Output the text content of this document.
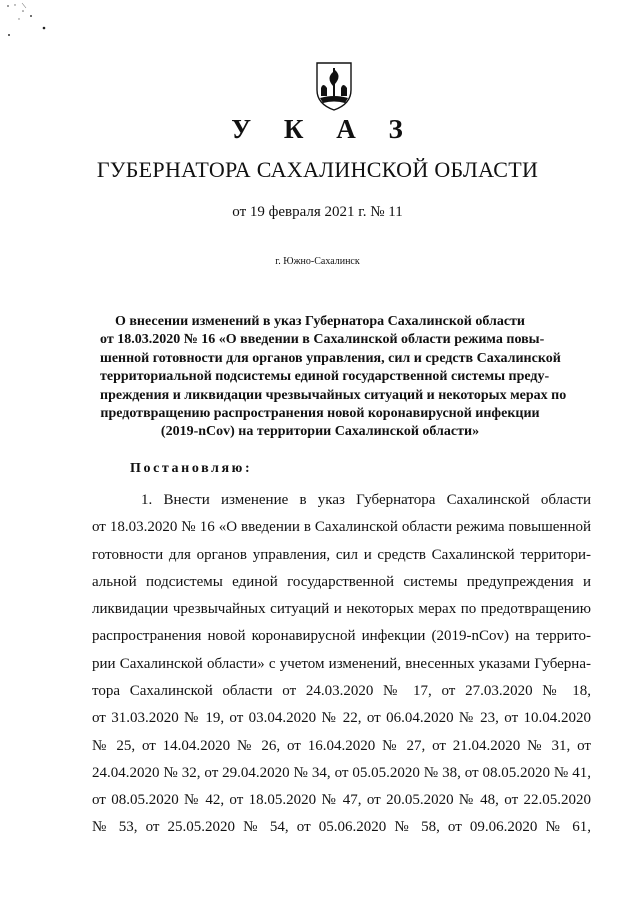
У К А З
ГУБЕРНАТОРА САХАЛИНСКОЙ ОБЛАСТИ
от 19 февраля 2021 г. № 11
г. Южно-Сахалинск
О внесении изменений в указ Губернатора Сахалинской области
от 18.03.2020 № 16 «О введении в Сахалинской области режима повы-
шенной готовности для органов управления, сил и средств Сахалинской
территориальной подсистемы единой государственной системы преду-
преждения и ликвидации чрезвычайных ситуаций и некоторых мерах по
предотвращению распространения новой коронавирусной инфекции
(2019-nCov) на территории Сахалинской области»
Постановляю:
1. Внести изменение в указ Губернатора Сахалинской области
от 18.03.2020 № 16 «О введении в Сахалинской области режима повышенной
готовности для органов управления, сил и средств Сахалинской территори-
альной подсистемы единой государственной системы предупреждения и
ликвидации чрезвычайных ситуаций и некоторых мерах по предотвращению
распространения новой коронавирусной инфекции (2019-nCov) на террито-
рии Сахалинской области» с учетом изменений, внесенных указами Губерна-
тора Сахалинской области от 24.03.2020 № 17, от 27.03.2020 № 18,
от 31.03.2020 № 19, от 03.04.2020 № 22, от 06.04.2020 № 23, от 10.04.2020
№ 25, от 14.04.2020 № 26, от 16.04.2020 № 27, от 21.04.2020 № 31, от
24.04.2020 № 32, от 29.04.2020 № 34, от 05.05.2020 № 38, от 08.05.2020 № 41,
от 08.05.2020 № 42, от 18.05.2020 № 47, от 20.05.2020 № 48, от 22.05.2020
№ 53, от 25.05.2020 № 54, от 05.06.2020 № 58, от 09.06.2020 № 61,
